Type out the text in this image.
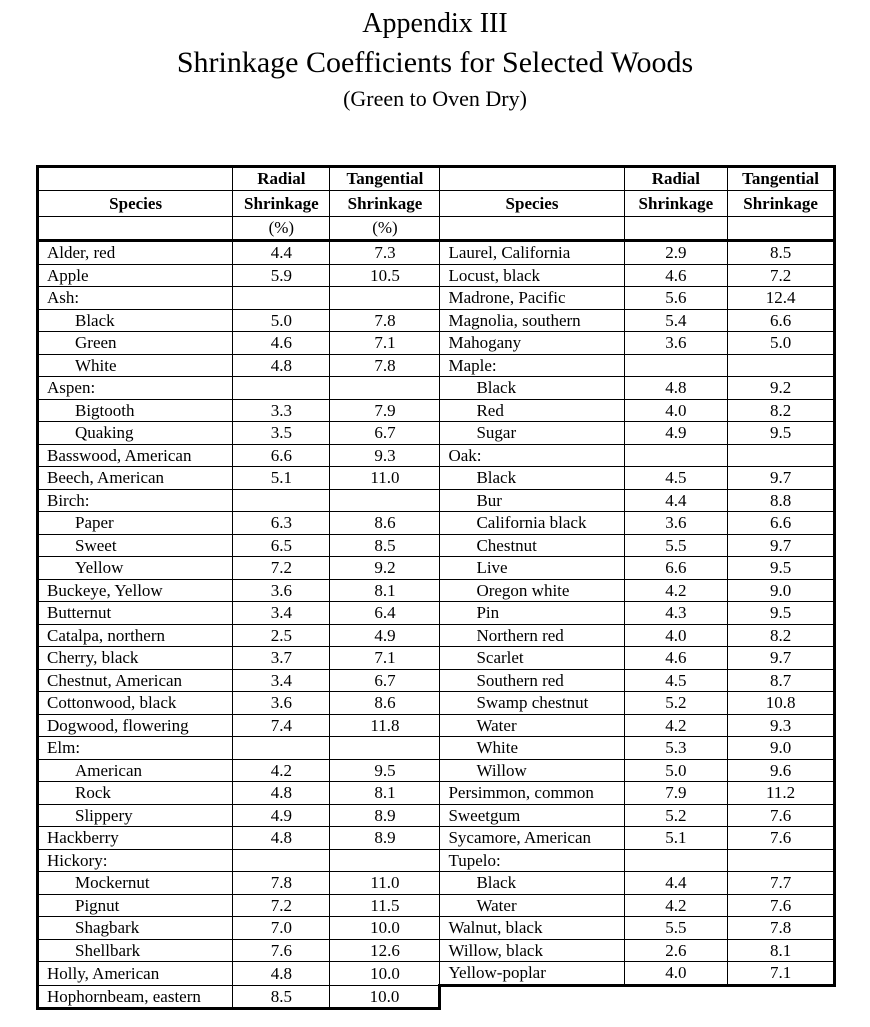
Appendix III
Shrinkage Coefficients for Selected Woods
(Green to Oven Dry)
	Radial	Tangential		Radial	Tangential
Species	Shrinkage	Shrinkage	Species	Shrinkage	Shrinkage
	(%)	(%)			
Alder, red	4.4	7.3	Laurel, California	2.9	8.5
Apple	5.9	10.5	Locust, black	4.6	7.2
Ash:			Madrone, Pacific	5.6	12.4
Black	5.0	7.8	Magnolia, southern	5.4	6.6
Green	4.6	7.1	Mahogany	3.6	5.0
White	4.8	7.8	Maple:		
Aspen:			Black	4.8	9.2
Bigtooth	3.3	7.9	Red	4.0	8.2
Quaking	3.5	6.7	Sugar	4.9	9.5
Basswood, American	6.6	9.3	Oak:		
Beech, American	5.1	11.0	Black	4.5	9.7
Birch:			Bur	4.4	8.8
Paper	6.3	8.6	California black	3.6	6.6
Sweet	6.5	8.5	Chestnut	5.5	9.7
Yellow	7.2	9.2	Live	6.6	9.5
Buckeye, Yellow	3.6	8.1	Oregon white	4.2	9.0
Butternut	3.4	6.4	Pin	4.3	9.5
Catalpa, northern	2.5	4.9	Northern red	4.0	8.2
Cherry, black	3.7	7.1	Scarlet	4.6	9.7
Chestnut, American	3.4	6.7	Southern red	4.5	8.7
Cottonwood, black	3.6	8.6	Swamp chestnut	5.2	10.8
Dogwood, flowering	7.4	11.8	Water	4.2	9.3
Elm:			White	5.3	9.0
American	4.2	9.5	Willow	5.0	9.6
Rock	4.8	8.1	Persimmon, common	7.9	11.2
Slippery	4.9	8.9	Sweetgum	5.2	7.6
Hackberry	4.8	8.9	Sycamore, American	5.1	7.6
Hickory:			Tupelo:		
Mockernut	7.8	11.0	Black	4.4	7.7
Pignut	7.2	11.5	Water	4.2	7.6
Shagbark	7.0	10.0	Walnut, black	5.5	7.8
Shellbark	7.6	12.6	Willow, black	2.6	8.1
Holly, American	4.8	10.0	Yellow-poplar	4.0	7.1
Hophornbeam, eastern	8.5	10.0			
